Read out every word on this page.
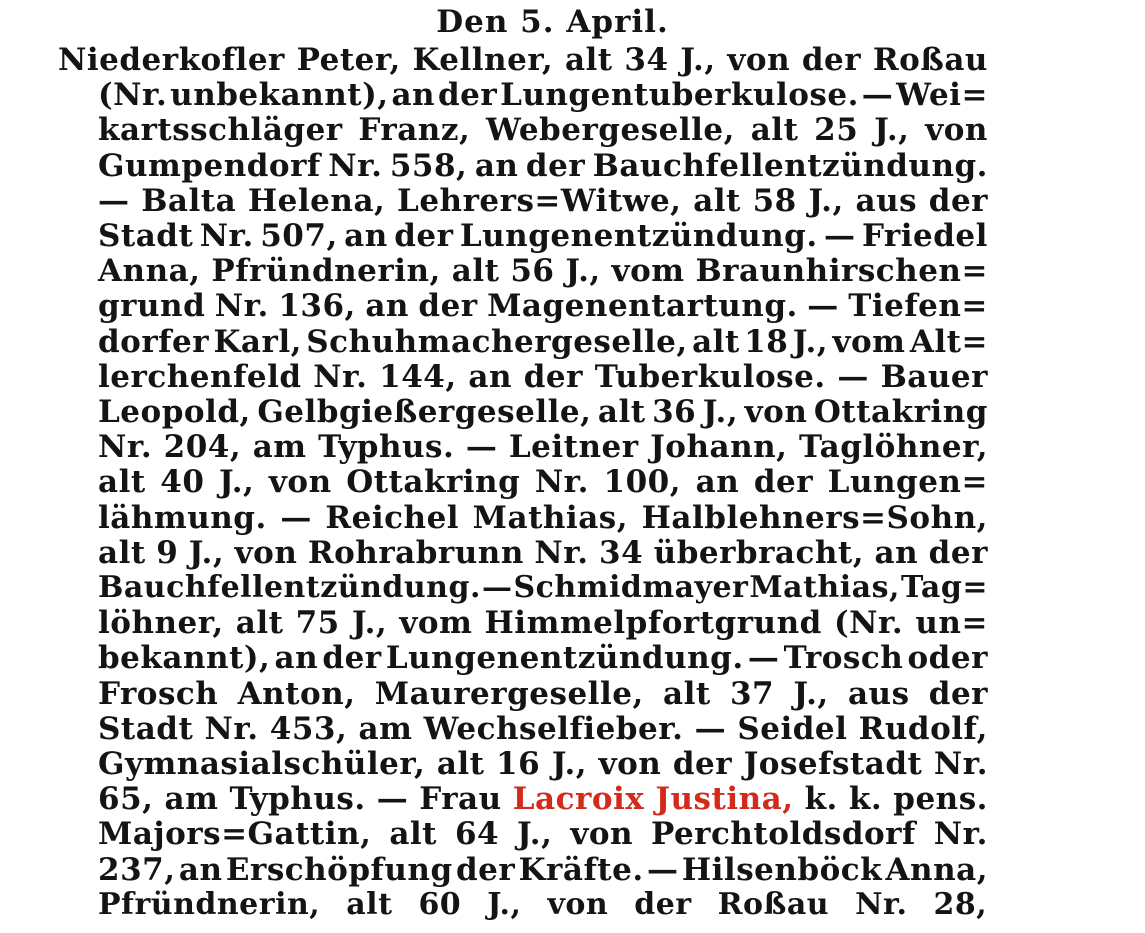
Den 5. April.
Niederkofler Peter, Kellner, alt 34 J., von der Roßau
(Nr. unbekannt), an der Lungentuberkulose. — Wei=
kartsschläger Franz, Webergeselle, alt 25 J., von
Gumpendorf Nr. 558, an der Bauchfellentzündung.
— Balta Helena, Lehrers=Witwe, alt 58 J., aus der
Stadt Nr. 507, an der Lungenentzündung. — Friedel
Anna, Pfründnerin, alt 56 J., vom Braunhirschen=
grund Nr. 136, an der Magenentartung. — Tiefen=
dorfer Karl, Schuhmachergeselle, alt 18 J., vom Alt=
lerchenfeld Nr. 144, an der Tuberkulose. — Bauer
Leopold, Gelbgießergeselle, alt 36 J., von Ottakring
Nr. 204, am Typhus. — Leitner Johann, Taglöhner,
alt 40 J., von Ottakring Nr. 100, an der Lungen=
lähmung. — Reichel Mathias, Halblehners=Sohn,
alt 9 J., von Rohrabrunn Nr. 34 überbracht, an der
Bauchfellentzündung. — Schmidmayer Mathias, Tag=
löhner, alt 75 J., vom Himmelpfortgrund (Nr. un=
bekannt), an der Lungenentzündung. — Trosch oder
Frosch Anton, Maurergeselle, alt 37 J., aus der
Stadt Nr. 453, am Wechselfieber. — Seidel Rudolf,
Gymnasialschüler, alt 16 J., von der Josefstadt Nr.
65, am Typhus. — Frau Lacroix Justina, k. k. pens.
Majors=Gattin, alt 64 J., von Perchtoldsdorf Nr.
237, an Erschöpfung der Kräfte. — Hilsenböck Anna,
Pfründnerin, alt 60 J., von der Roßau Nr. 28,
